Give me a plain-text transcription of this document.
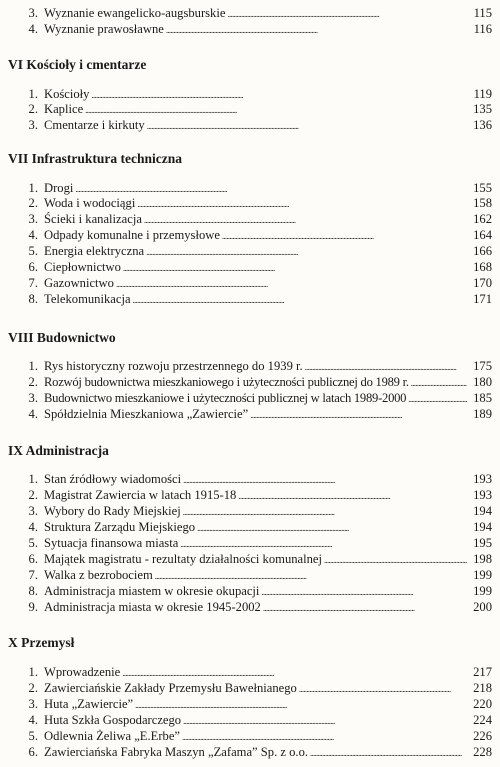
3. Wyznanie ewangelicko-augsburskie . . .	115
4. Wyznanie prawosławne . . .	116
VI Kościoły i cmentarze
1. Kościoły . . .	119
2. Kaplice . . .	135
3. Cmentarze i kirkuty . . .	136
VII Infrastruktura techniczna
1. Drogi . . .	155
2. Woda i wodociągi . . .	158
3. Ścieki i kanalizacja . . .	162
4. Odpady komunalne i przemysłowe . . .	164
5. Energia elektryczna . . .	166
6. Ciepłownictwo . . .	168
7. Gazownictwo . . .	170
8. Telekomunikacja . . .	171
VIII Budownictwo
1. Rys historyczny rozwoju przestrzennego do 1939 r. . . .	175
2. Rozwój budownictwa mieszkaniowego i użyteczności publicznej do 1989 r. . . .	180
3. Budownictwo mieszkaniowe i użyteczności publicznej w latach 1989-2000 . . .	185
4. Spółdzielnia Mieszkaniowa „Zawiercie” . . .	189
IX Administracja
1. Stan źródłowy wiadomości . . .	193
2. Magistrat Zawiercia w latach 1915-18 . . .	193
3. Wybory do Rady Miejskiej . . .	194
4. Struktura Zarządu Miejskiego . . .	194
5. Sytuacja finansowa miasta . . .	195
6. Majątek magistratu - rezultaty działalności komunalnej . . .	198
7. Walka z bezrobociem . . .	199
8. Administracja miastem w okresie okupacji . . .	199
9. Administracja miasta w okresie 1945-2002 . . .	200
X Przemysł
1. Wprowadzenie . . .	217
2. Zawierciańskie Zakłady Przemysłu Bawełnianego . . .	218
3. Huta „Zawiercie” . . .	220
4. Huta Szkła Gospodarczego . . .	224
5. Odlewnia Żeliwa „E.Erbe” . . .	226
6. Zawierciańska Fabryka Maszyn „Zafama” Sp. z o.o. . . .	228
